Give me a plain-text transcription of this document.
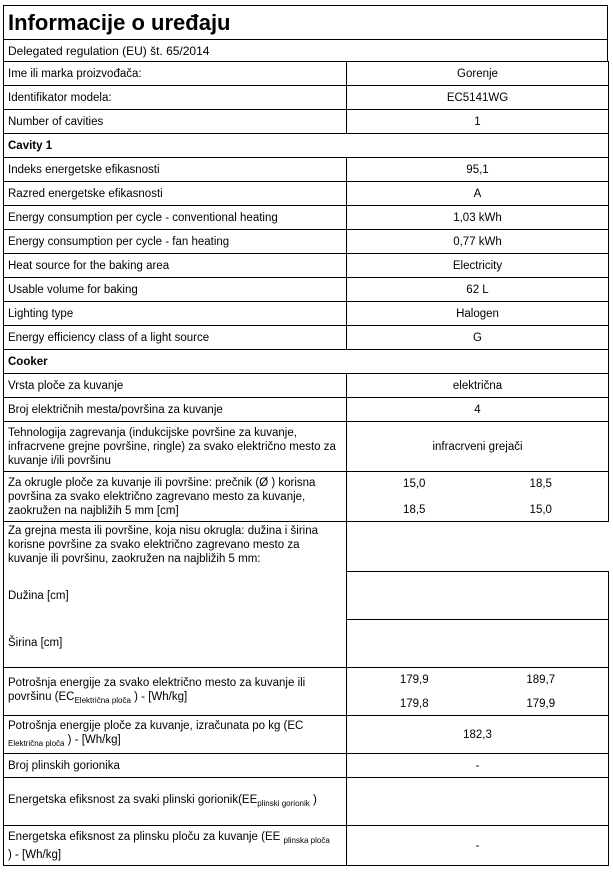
Informacije o uređaju
Delegated regulation (EU) št. 65/2014
Ime ili marka proizvođača:	Gorenje
Identifikator modela:	EC5141WG
Number of cavities	1
Cavity 1	
Indeks energetske efikasnosti	95,1
Razred energetske efikasnosti	A
Energy consumption per cycle - conventional heating	1,03 kWh
Energy consumption per cycle - fan heating	0,77 kWh
Heat source for the baking area	Electricity
Usable volume for baking	62 L
Lighting type	Halogen
Energy efficiency class of a light source	G
Cooker	
Vrsta ploče za kuvanje	električna
Broj električnih mesta/površina za kuvanje	4
Tehnologija zagrevanja (indukcijske površine za kuvanje, infracrvene grejne površine, ringle) za svako električno mesto za kuvanje i/ili površinu	infracrveni grejači
Za okrugle ploče za kuvanje ili površine: prečnik (Ø ) korisna površina za svako električno zagrevano mesto za kuvanje, zaokružen na najbližih 5 mm [cm]	15,0 18,5
18,5 15,0

Za grejna mesta ili površine, koja nisu okrugla: dužina i širina korisne površine za svako električno zagrevano mesto za kuvanje ili površinu, zaokružen na najbližih 5 mm:	
Dužina [cm]	
Širina [cm]	
Potrošnja energije za svako električno mesto za kuvanje ili površinu ($EC_{Električna ploča}$ ) - [Wh/kg]	179,9 189,7
179,8 179,9

Potrošnja energije ploče za kuvanje, izračunata po kg (EC
$_{Električna ploča}$ ) - [Wh/kg]	182,3
Broj plinskih gorionika	-
Energetska efiksnost za svaki plinski $gorionik(EE_{plinski gorionik}$ )	
Energetska efiksnost za plinsku ploču za kuvanje (EE $_{plinska ploča}$
) - [Wh/kg]	-
